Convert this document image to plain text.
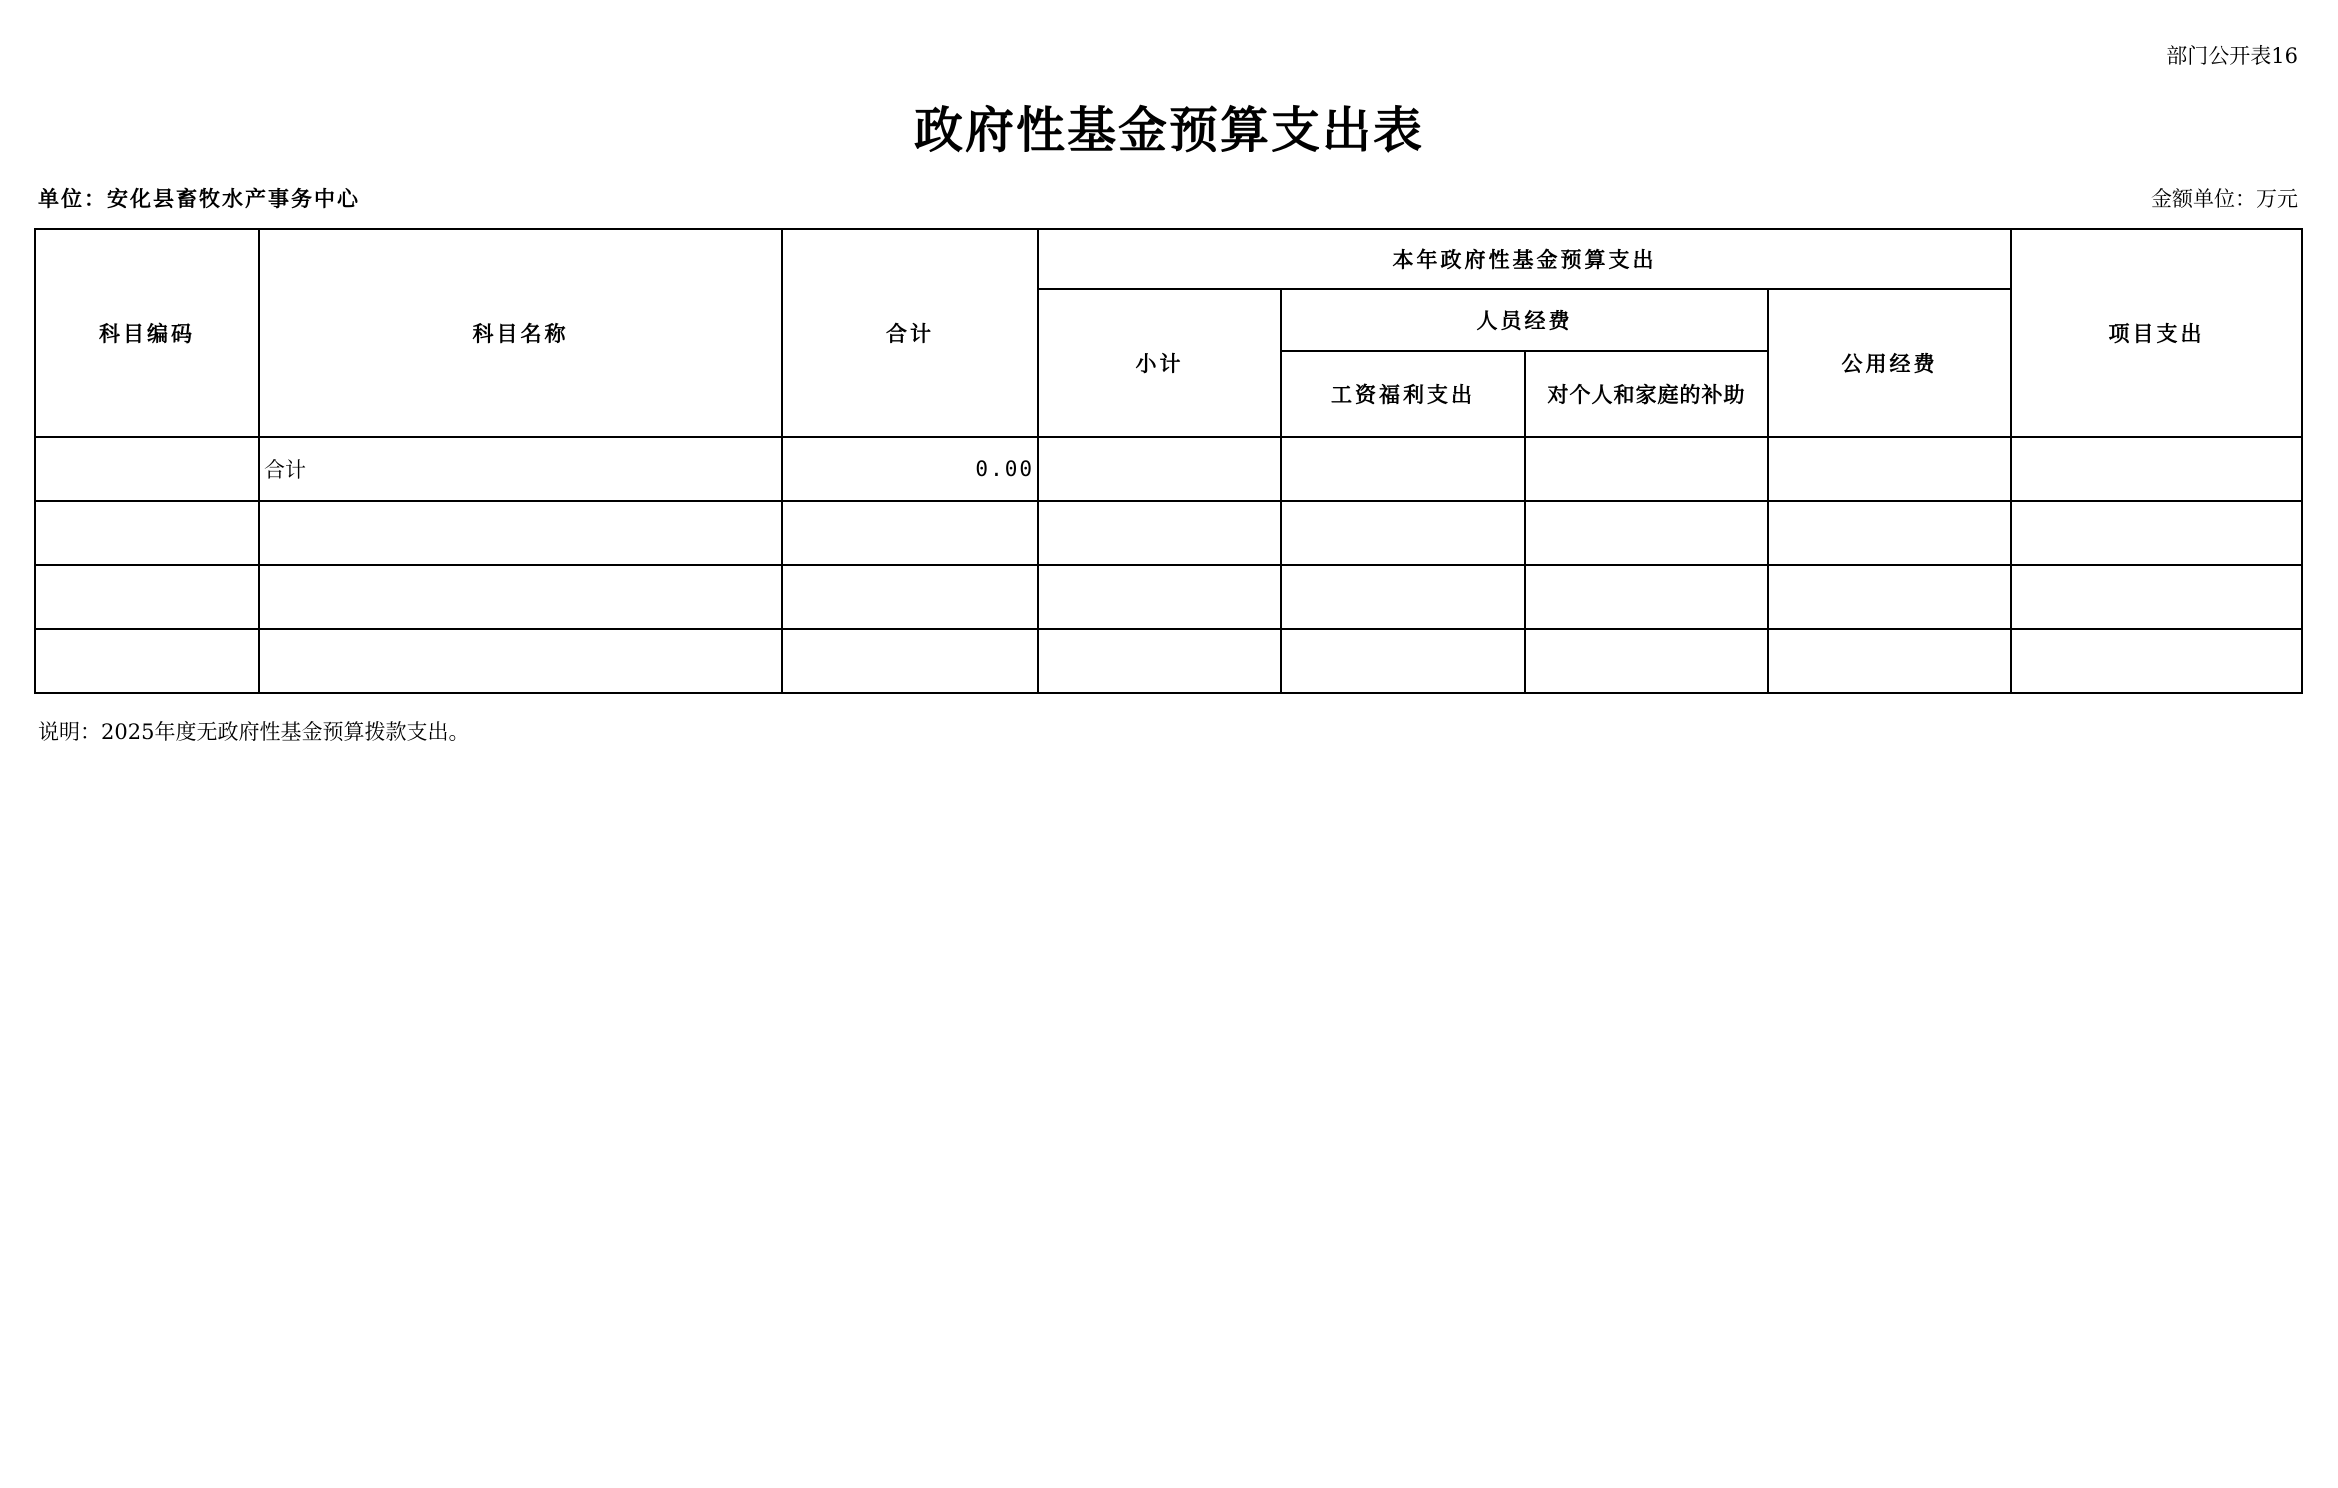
部门公开表16
政府性基金预算支出表
单位：安化县畜牧水产事务中心	金额单位：万元
科目编码	科目名称	合计	本年政府性基金预算支出				项目支出
			小计	人员经费		公用经费	
				工资福利支出	对个人和家庭的补助		
	合计	0.00					

说明：2025年度无政府性基金预算拨款支出。
